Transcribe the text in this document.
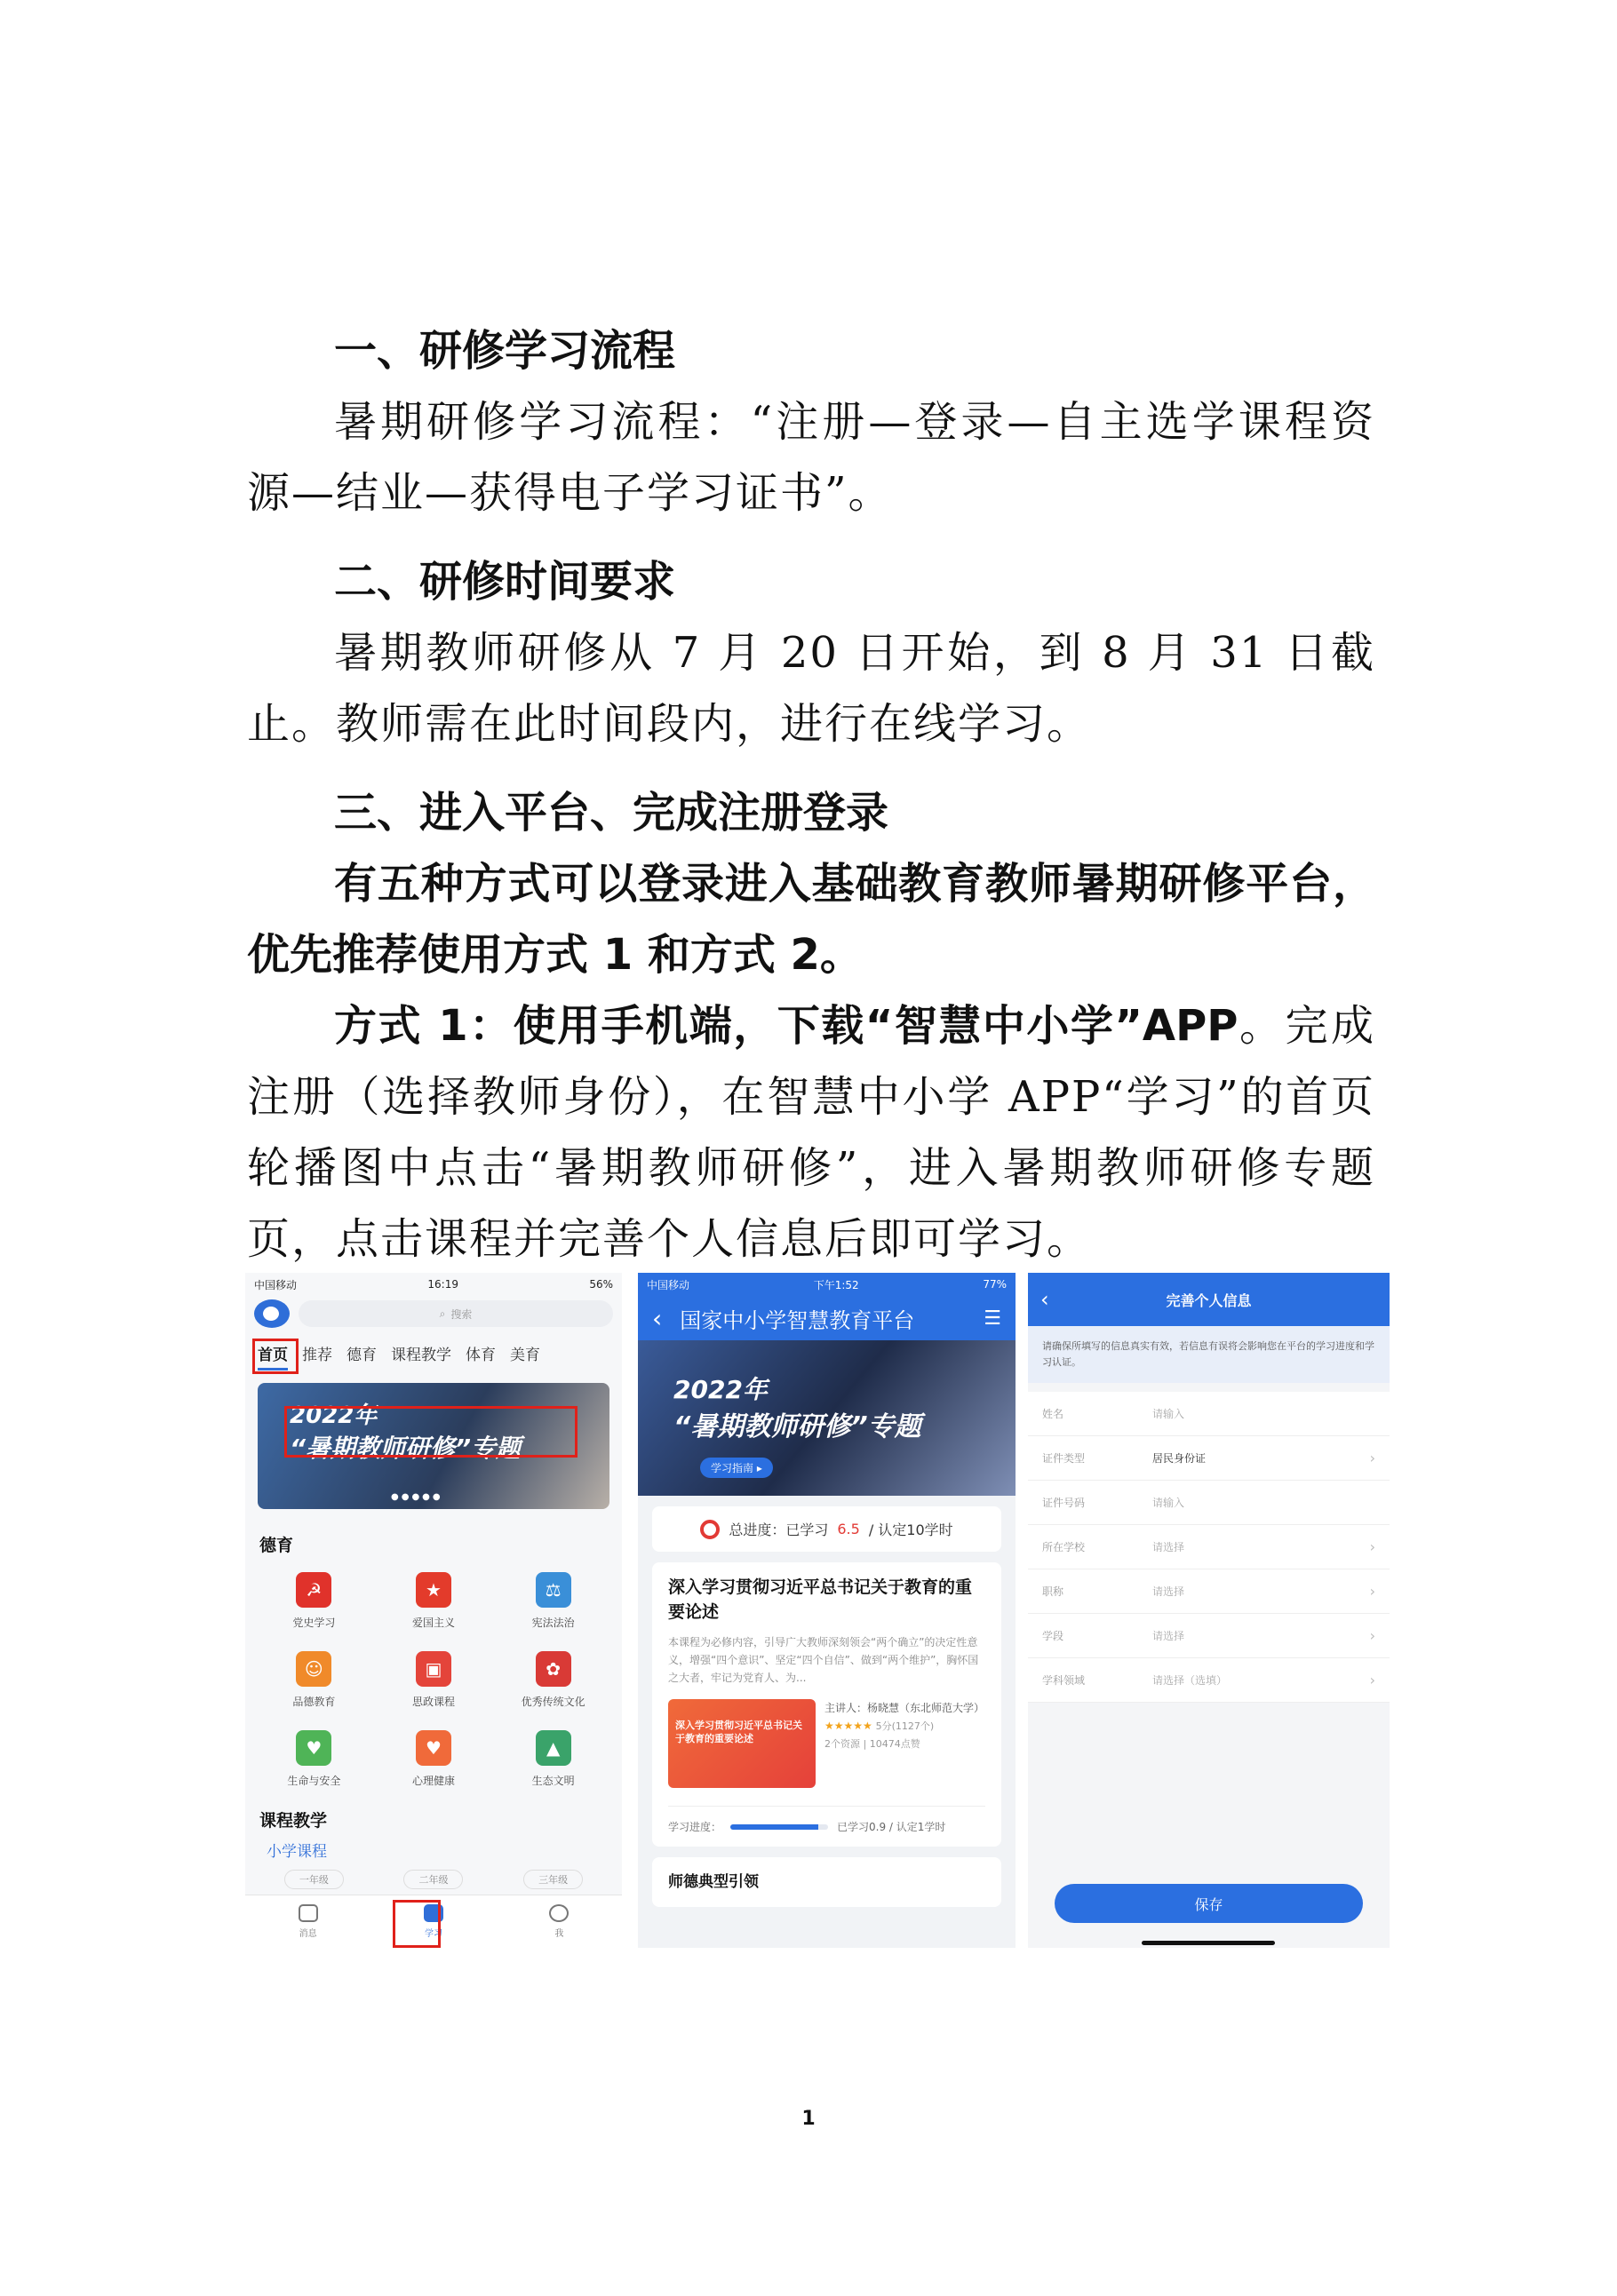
一、研修学习流程
暑期研修学习流程：“注册—登录—自主选学课程资源—结业—获得电子学习证书”。
二、研修时间要求
暑期教师研修从 7 月 20 日开始，到 8 月 31 日截止。教师需在此时间段内，进行在线学习。
三、进入平台、完成注册登录
有五种方式可以登录进入基础教育教师暑期研修平台，优先推荐使用方式 1 和方式 2。
方式 1：使用手机端，下载“智慧中小学”APP。完成注册（选择教师身份），在智慧中小学 APP“学习”的首页轮播图中点击“暑期教师研修”，进入暑期教师研修专题页，点击课程并完善个人信息后即可学习。
中国移动	16:19	56%
⌕ 搜索
首页 推荐 德育 课程教学 体育 美育
2022年
“暑期教师研修”专题
●●●●●
德育
☭
党史学习
★
爱国主义
⚖
宪法法治
☺
品德教育
▣
思政课程
✿
优秀传统文化
♥
生命与安全
♥
心理健康
▲
生态文明
课程教学
小学课程
一年级	二年级	三年级
消息	学习	我
中国移动	下午1:52	77%
‹ 国家中小学智慧教育平台	☰
2022年
“暑期教师研修”专题
学习指南 ▸
总进度：已学习 6.5 / 认定10学时
深入学习贯彻习近平总书记关于教育的重要论述
本课程为必修内容，引导广大教师深刻领会“两个确立”的决定性意义，增强“四个意识”、坚定“四个自信”、做到“两个维护”，胸怀国之大者，牢记为党育人、为...
深入学习贯彻习近平总书记关于教育的重要论述
主讲人：杨晓慧（东北师范大学）
★★★★★ 5分(1127个)
2个资源 | 10474点赞
学习进度：	已学习0.9 / 认定1学时
师德典型引领
‹	完善个人信息
请确保所填写的信息真实有效，若信息有误将会影响您在平台的学习进度和学习认证。
姓名	请输入
证件类型	居民身份证	›
证件号码	请输入
所在学校	请选择	›
职称	请选择	›
学段	请选择	›
学科领域	请选择（选填）	›
保存
1
